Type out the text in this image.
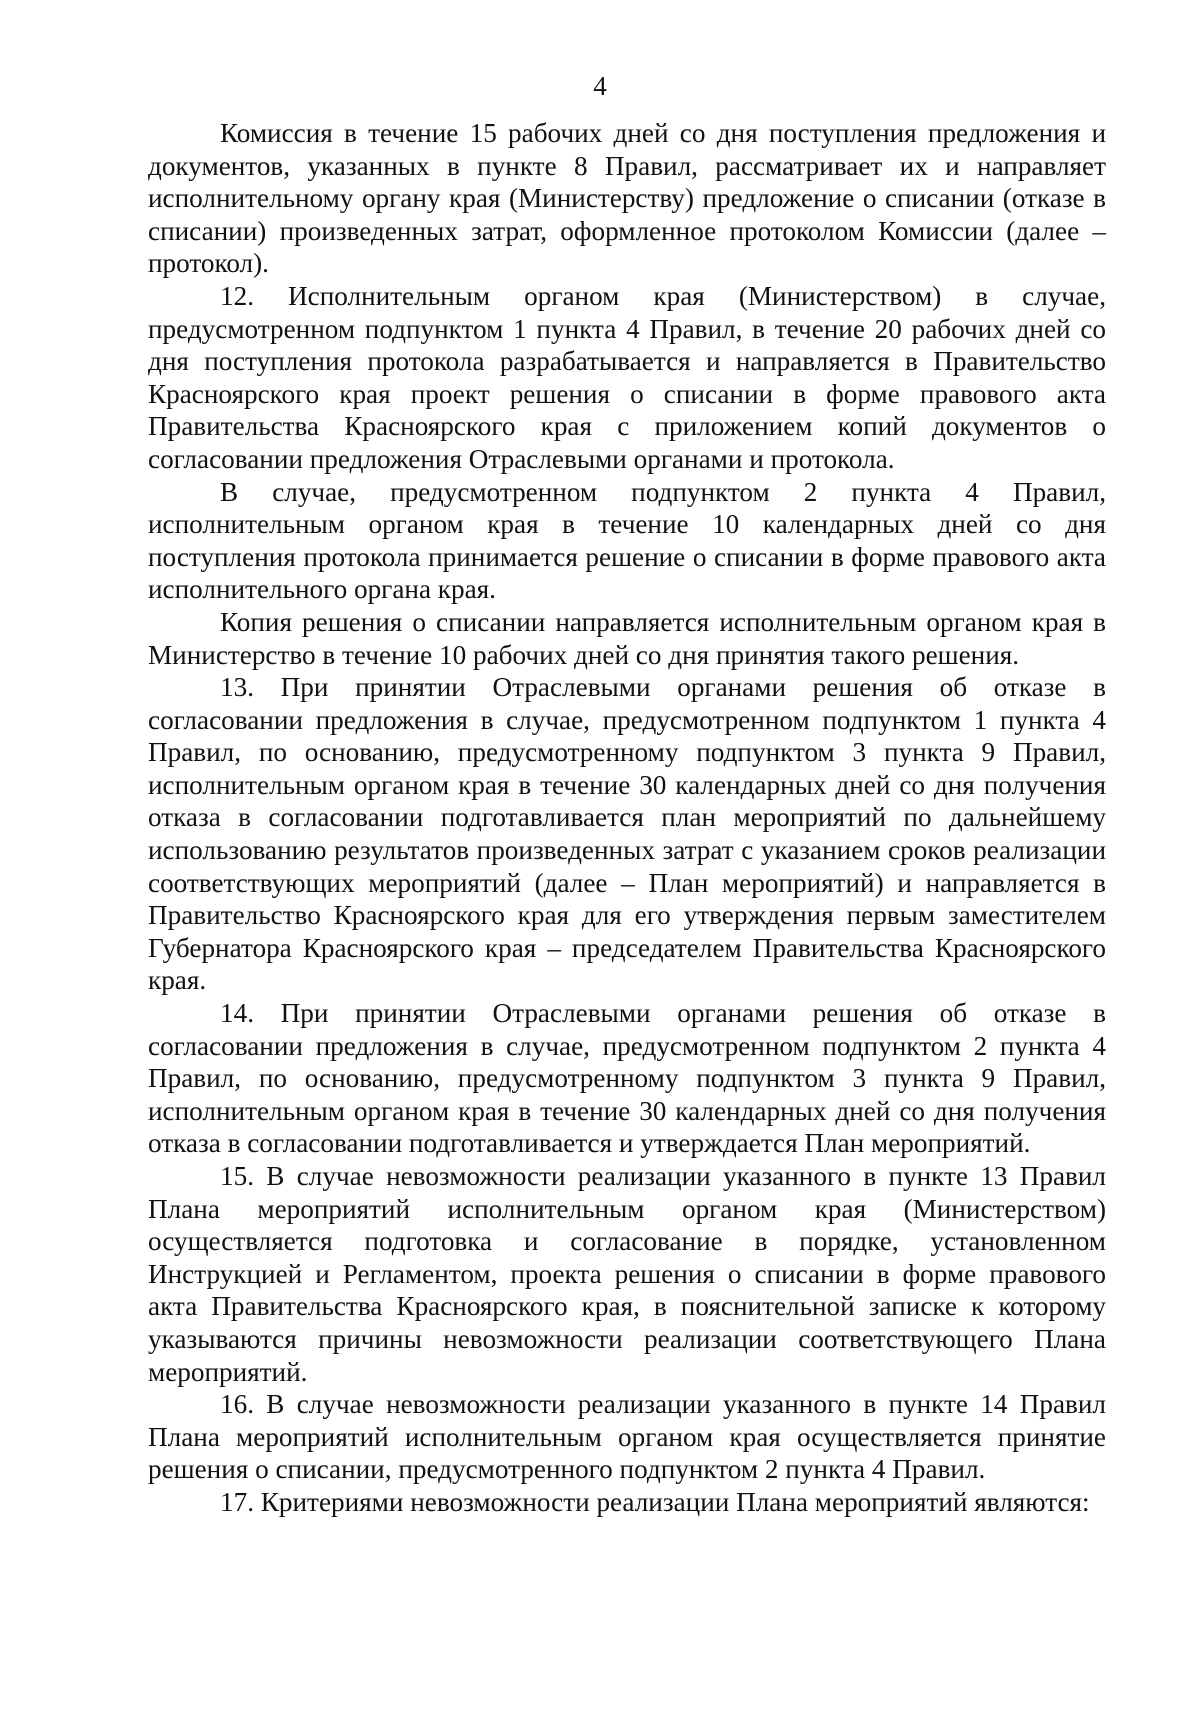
4

Комиссия в течение 15 рабочих дней со дня поступления предложения и документов, указанных в пункте 8 Правил, рассматривает их и направляет исполнительному органу края (Министерству) предложение о списании (отказе в списании) произведенных затрат, оформленное протоколом Комиссии (далее – протокол).

12. Исполнительным органом края (Министерством) в случае, предусмотренном подпунктом 1 пункта 4 Правил, в течение 20 рабочих дней со дня поступления протокола разрабатывается и направляется в Правительство Красноярского края проект решения о списании в форме правового акта Правительства Красноярского края с приложением копий документов о согласовании предложения Отраслевыми органами и протокола.

В случае, предусмотренном подпунктом 2 пункта 4 Правил, исполнительным органом края в течение 10 календарных дней со дня поступления протокола принимается решение о списании в форме правового акта исполнительного органа края.

Копия решения о списании направляется исполнительным органом края в Министерство в течение 10 рабочих дней со дня принятия такого решения.

13. При принятии Отраслевыми органами решения об отказе в согласовании предложения в случае, предусмотренном подпунктом 1 пункта 4 Правил, по основанию, предусмотренному подпунктом 3 пункта 9 Правил, исполнительным органом края в течение 30 календарных дней со дня получения отказа в согласовании подготавливается план мероприятий по дальнейшему использованию результатов произведенных затрат с указанием сроков реализации соответствующих мероприятий (далее – План мероприятий) и направляется в Правительство Красноярского края для его утверждения первым заместителем Губернатора Красноярского края – председателем Правительства Красноярского края.

14. При принятии Отраслевыми органами решения об отказе в согласовании предложения в случае, предусмотренном подпунктом 2 пункта 4 Правил, по основанию, предусмотренному подпунктом 3 пункта 9 Правил, исполнительным органом края в течение 30 календарных дней со дня получения отказа в согласовании подготавливается и утверждается План мероприятий.

15. В случае невозможности реализации указанного в пункте 13 Правил Плана мероприятий исполнительным органом края (Министерством) осуществляется подготовка и согласование в порядке, установленном Инструкцией и Регламентом, проекта решения о списании в форме правового акта Правительства Красноярского края, в пояснительной записке к которому указываются причины невозможности реализации соответствующего Плана мероприятий.

16. В случае невозможности реализации указанного в пункте 14 Правил Плана мероприятий исполнительным органом края осуществляется принятие решения о списании, предусмотренного подпунктом 2 пункта 4 Правил.

17. Критериями невозможности реализации Плана мероприятий являются:
